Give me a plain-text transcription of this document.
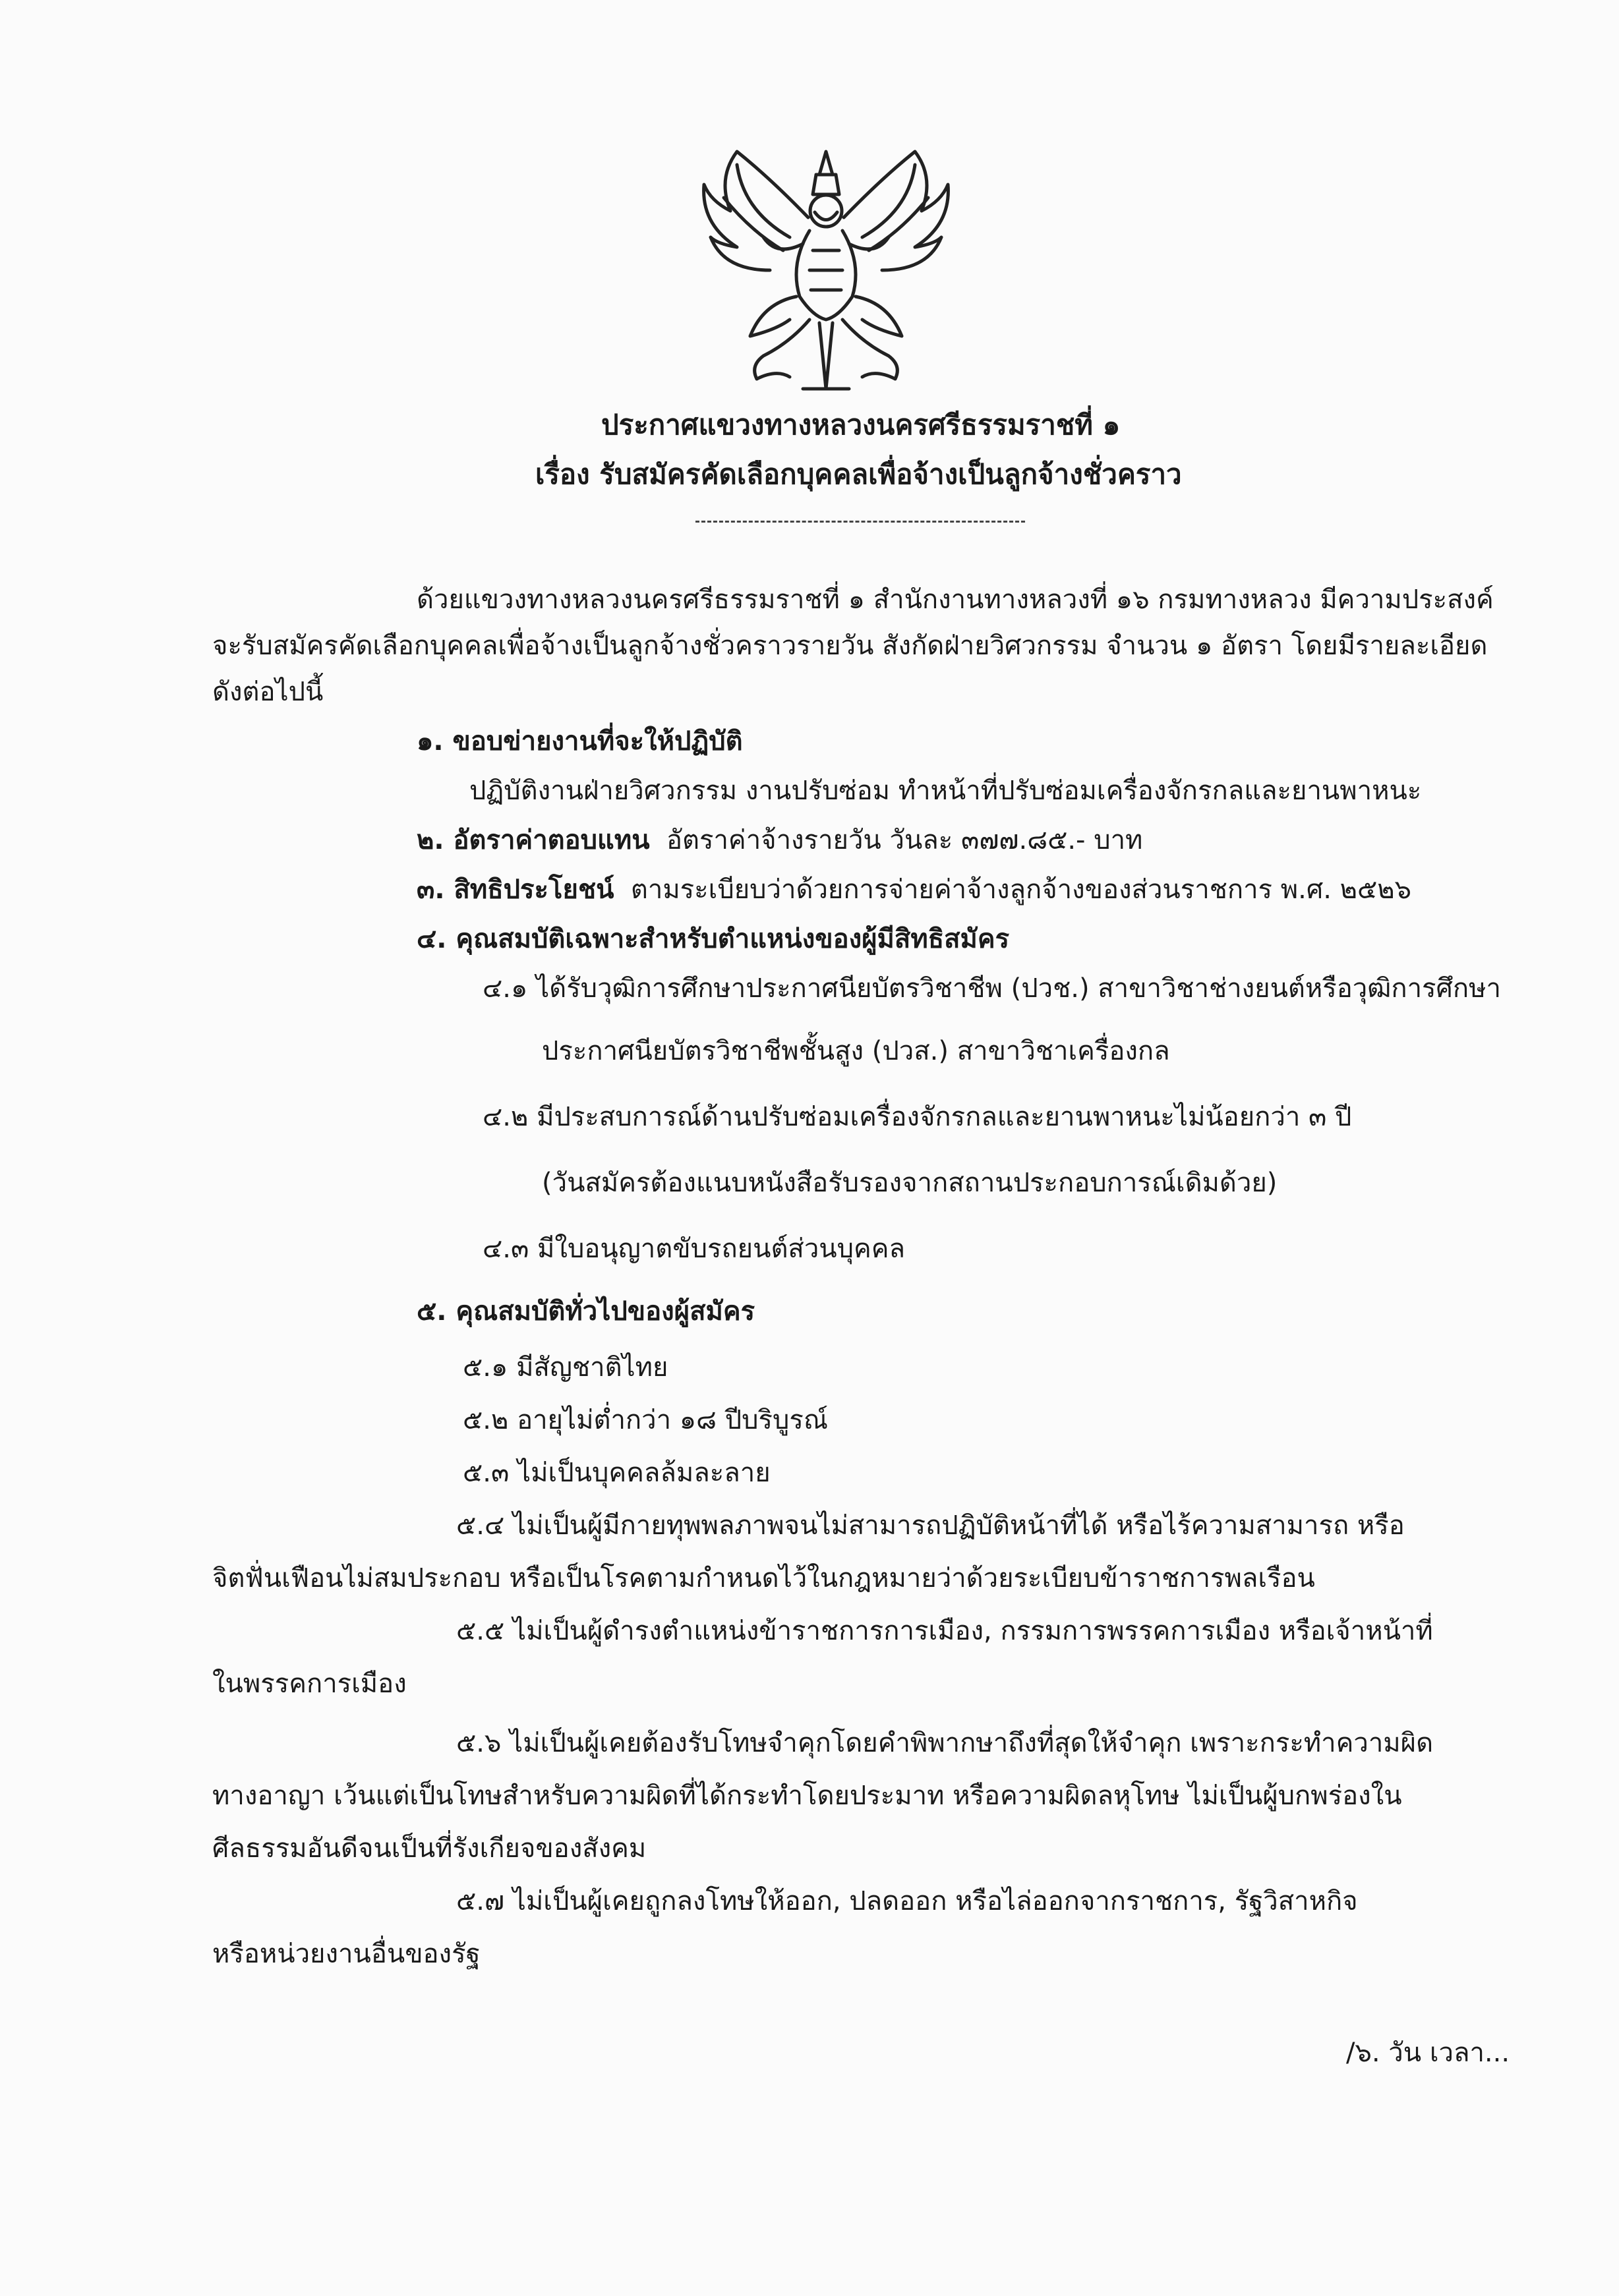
ประกาศแขวงทางหลวงนครศรีธรรมราชที่ ๑
เรื่อง รับสมัครคัดเลือกบุคคลเพื่อจ้างเป็นลูกจ้างชั่วคราว
ด้วยแขวงทางหลวงนครศรีธรรมราชที่ ๑ สำนักงานทางหลวงที่ ๑๖ กรมทางหลวง มีความประสงค์
จะรับสมัครคัดเลือกบุคคลเพื่อจ้างเป็นลูกจ้างชั่วคราวรายวัน สังกัดฝ่ายวิศวกรรม จำนวน ๑ อัตรา โดยมีรายละเอียด
ดังต่อไปนี้
๑. ขอบข่ายงานที่จะให้ปฏิบัติ
ปฏิบัติงานฝ่ายวิศวกรรม งานปรับซ่อม ทำหน้าที่ปรับซ่อมเครื่องจักรกลและยานพาหนะ
๒. อัตราค่าตอบแทน อัตราค่าจ้างรายวัน วันละ ๓๗๗.๘๕.- บาท
๓. สิทธิประโยชน์ ตามระเบียบว่าด้วยการจ่ายค่าจ้างลูกจ้างของส่วนราชการ พ.ศ. ๒๕๒๖
๔. คุณสมบัติเฉพาะสำหรับตำแหน่งของผู้มีสิทธิสมัคร
๔.๑ ได้รับวุฒิการศึกษาประกาศนียบัตรวิชาชีพ (ปวช.) สาขาวิชาช่างยนต์หรือวุฒิการศึกษา
ประกาศนียบัตรวิชาชีพชั้นสูง (ปวส.) สาขาวิชาเครื่องกล
๔.๒ มีประสบการณ์ด้านปรับซ่อมเครื่องจักรกลและยานพาหนะไม่น้อยกว่า ๓ ปี
(วันสมัครต้องแนบหนังสือรับรองจากสถานประกอบการณ์เดิมด้วย)
๔.๓ มีใบอนุญาตขับรถยนต์ส่วนบุคคล
๕. คุณสมบัติทั่วไปของผู้สมัคร
๕.๑ มีสัญชาติไทย
๕.๒ อายุไม่ต่ำกว่า ๑๘ ปีบริบูรณ์
๕.๓ ไม่เป็นบุคคลล้มละลาย
๕.๔ ไม่เป็นผู้มีกายทุพพลภาพจนไม่สามารถปฏิบัติหน้าที่ได้ หรือไร้ความสามารถ หรือ
จิตฟั่นเฟือนไม่สมประกอบ หรือเป็นโรคตามกำหนดไว้ในกฎหมายว่าด้วยระเบียบข้าราชการพลเรือน
๕.๕ ไม่เป็นผู้ดำรงตำแหน่งข้าราชการการเมือง, กรรมการพรรคการเมือง หรือเจ้าหน้าที่
ในพรรคการเมือง
๕.๖ ไม่เป็นผู้เคยต้องรับโทษจำคุกโดยคำพิพากษาถึงที่สุดให้จำคุก เพราะกระทำความผิด
ทางอาญา เว้นแต่เป็นโทษสำหรับความผิดที่ได้กระทำโดยประมาท หรือความผิดลหุโทษ ไม่เป็นผู้บกพร่องใน
ศีลธรรมอันดีจนเป็นที่รังเกียจของสังคม
๕.๗ ไม่เป็นผู้เคยถูกลงโทษให้ออก, ปลดออก หรือไล่ออกจากราชการ, รัฐวิสาหกิจ
หรือหน่วยงานอื่นของรัฐ
/๖. วัน เวลา...
